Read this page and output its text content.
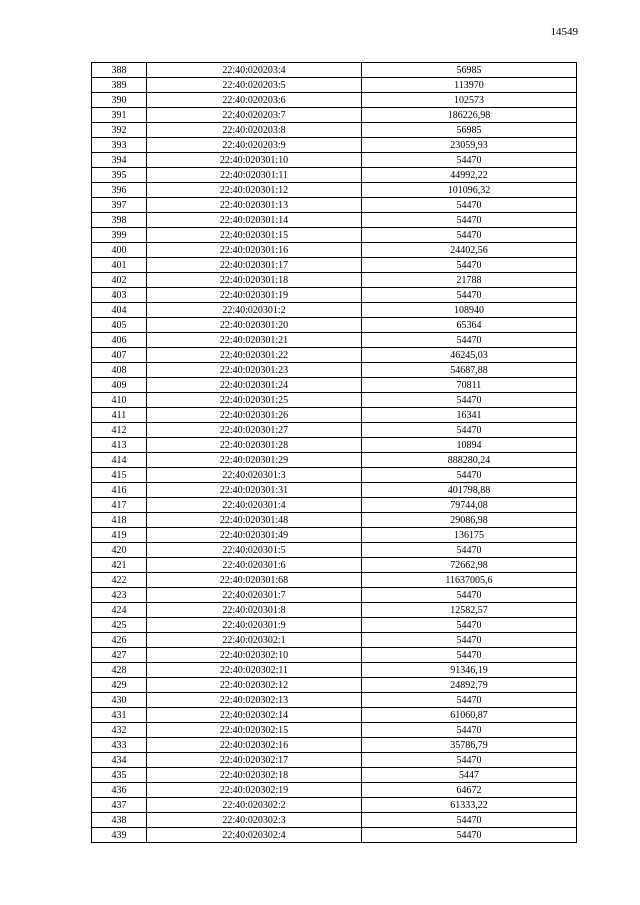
14549
388	22:40:020203:4	56985
389	22:40:020203:5	113970
390	22:40:020203:6	102573
391	22:40:020203:7	186226,98
392	22:40:020203:8	56985
393	22:40:020203:9	23059,93
394	22:40:020301:10	54470
395	22:40:020301:11	44992,22
396	22:40:020301:12	101096,32
397	22:40:020301:13	54470
398	22:40:020301:14	54470
399	22:40:020301:15	54470
400	22:40:020301:16	24402,56
401	22:40:020301:17	54470
402	22:40:020301:18	21788
403	22:40:020301:19	54470
404	22:40:020301:2	108940
405	22:40:020301:20	65364
406	22:40:020301:21	54470
407	22:40:020301:22	46245,03
408	22:40:020301:23	54687,88
409	22:40:020301:24	70811
410	22:40:020301:25	54470
411	22:40:020301:26	16341
412	22:40:020301:27	54470
413	22:40:020301:28	10894
414	22:40:020301:29	888280,24
415	22:40:020301:3	54470
416	22:40:020301:31	401798,88
417	22:40:020301:4	79744,08
418	22:40:020301:48	29086,98
419	22:40:020301:49	136175
420	22:40:020301:5	54470
421	22:40:020301:6	72662,98
422	22:40:020301:68	11637005,6
423	22:40:020301:7	54470
424	22:40:020301:8	12582,57
425	22:40:020301:9	54470
426	22:40:020302:1	54470
427	22:40:020302:10	54470
428	22:40:020302:11	91346,19
429	22:40:020302:12	24892,79
430	22:40:020302:13	54470
431	22:40:020302:14	61060,87
432	22:40:020302:15	54470
433	22:40:020302:16	35786,79
434	22:40:020302:17	54470
435	22:40:020302:18	5447
436	22:40:020302:19	64672
437	22:40:020302:2	61333,22
438	22:40:020302:3	54470
439	22:40:020302:4	54470
